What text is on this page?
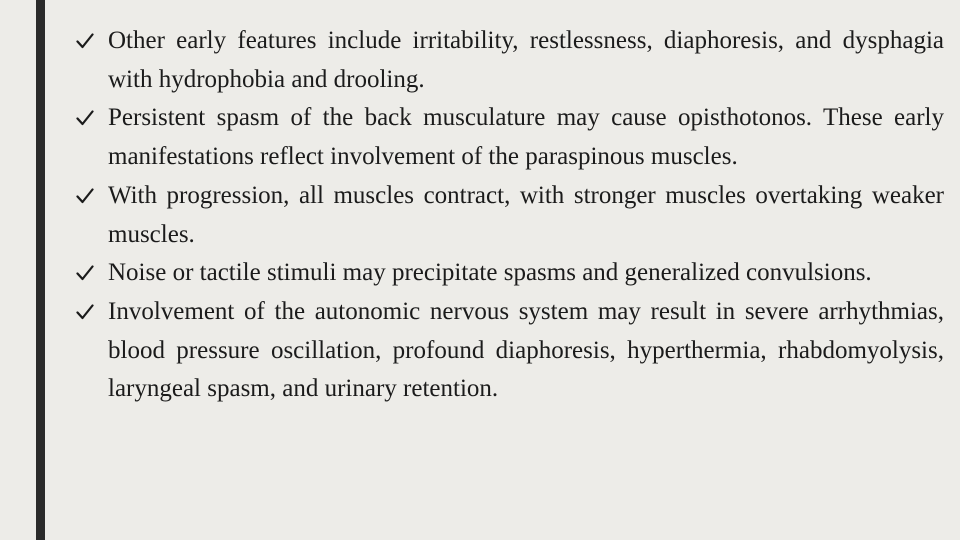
Other early features include irritability, restlessness, diaphoresis, and dysphagia with hydrophobia and drooling.
Persistent spasm of the back musculature may cause opisthotonos. These early manifestations reflect involvement of the paraspinous muscles.
With progression, all muscles contract, with stronger muscles overtaking weaker muscles.
Noise or tactile stimuli may precipitate spasms and generalized convulsions.
Involvement of the autonomic nervous system may result in severe arrhythmias, blood pressure oscillation, profound diaphoresis, hyperthermia, rhabdomyolysis, laryngeal spasm, and urinary retention.
